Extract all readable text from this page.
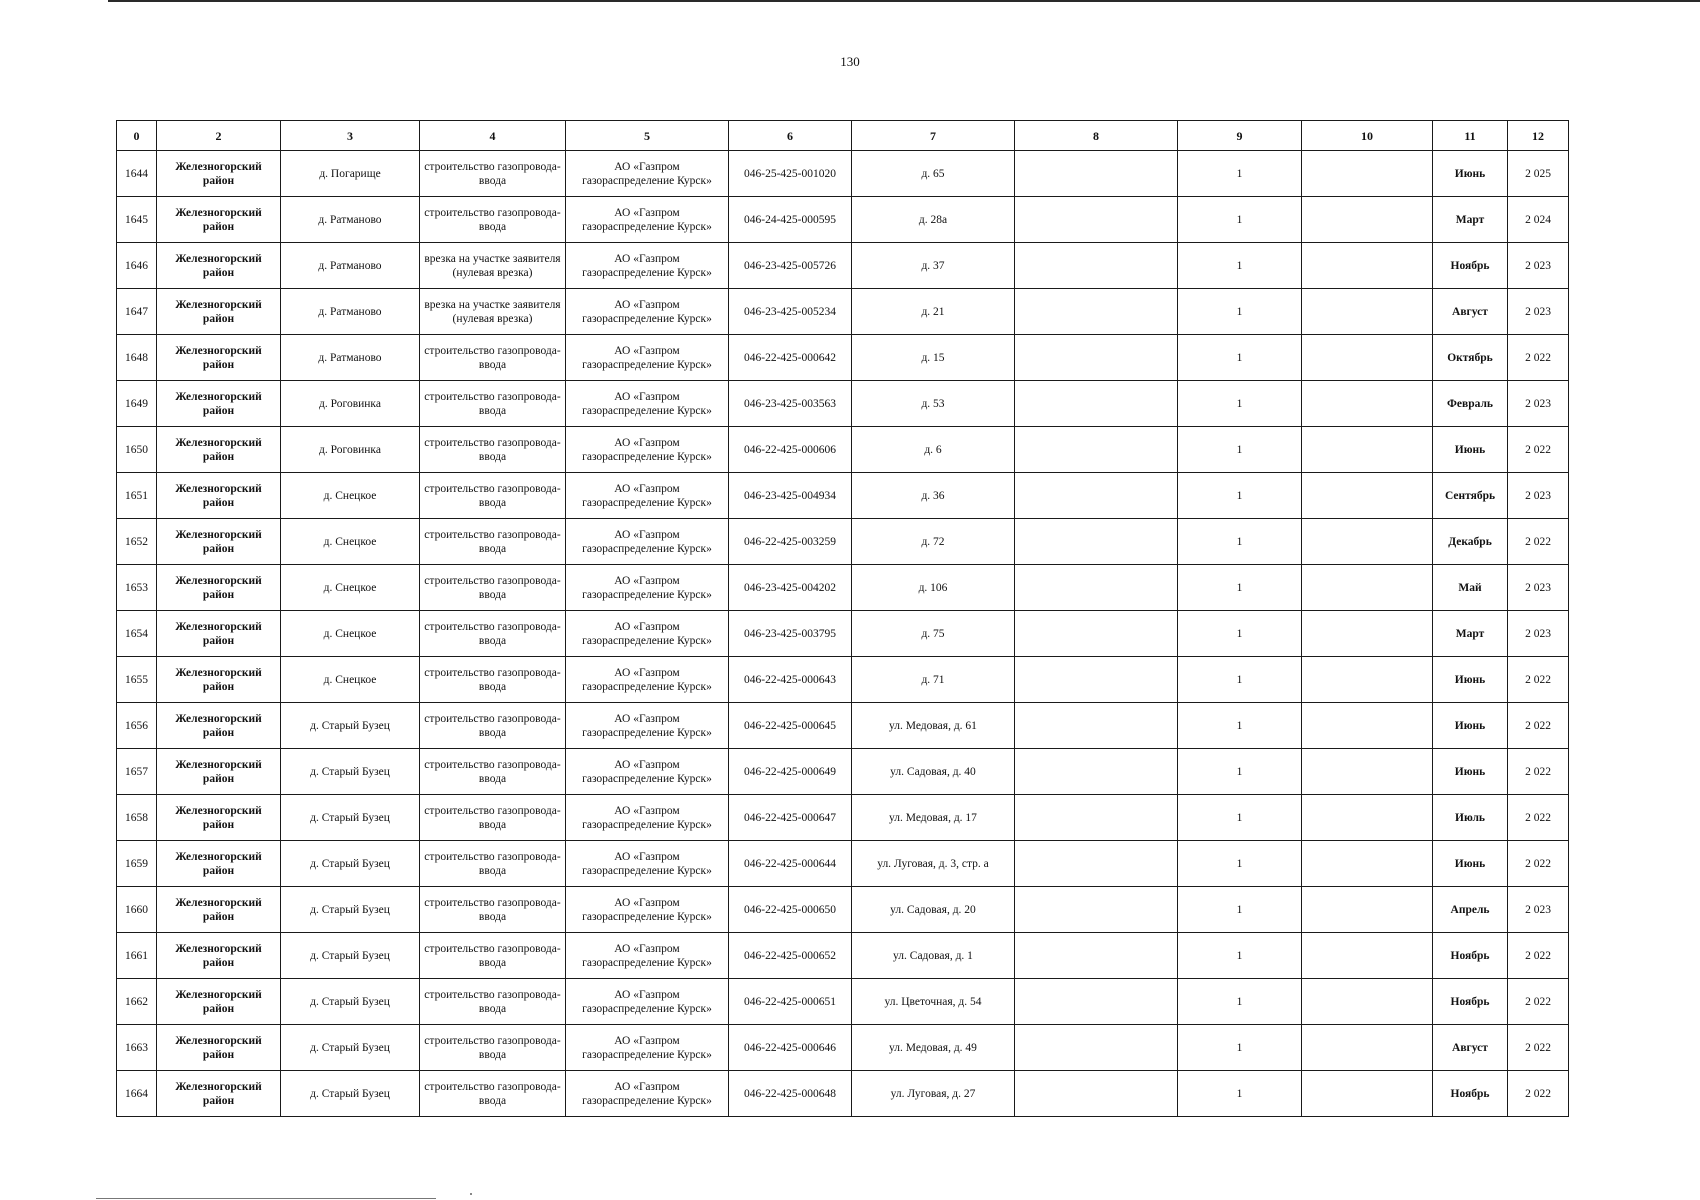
130
0	2	3	4	5	6	7	8	9	10	11	12
1644	Железногорский район	д. Погарище	строительство газопровода-ввода	АО «Газпром газораспределение Курск»	046-25-425-001020	д. 65		1		Июнь	2 025
1645	Железногорский район	д. Ратманово	строительство газопровода-ввода	АО «Газпром газораспределение Курск»	046-24-425-000595	д. 28а		1		Март	2 024
1646	Железногорский район	д. Ратманово	врезка на участке заявителя (нулевая врезка)	АО «Газпром газораспределение Курск»	046-23-425-005726	д. 37		1		Ноябрь	2 023
1647	Железногорский район	д. Ратманово	врезка на участке заявителя (нулевая врезка)	АО «Газпром газораспределение Курск»	046-23-425-005234	д. 21		1		Август	2 023
1648	Железногорский район	д. Ратманово	строительство газопровода-ввода	АО «Газпром газораспределение Курск»	046-22-425-000642	д. 15		1		Октябрь	2 022
1649	Железногорский район	д. Роговинка	строительство газопровода-ввода	АО «Газпром газораспределение Курск»	046-23-425-003563	д. 53		1		Февраль	2 023
1650	Железногорский район	д. Роговинка	строительство газопровода-ввода	АО «Газпром газораспределение Курск»	046-22-425-000606	д. 6		1		Июнь	2 022
1651	Железногорский район	д. Снецкое	строительство газопровода-ввода	АО «Газпром газораспределение Курск»	046-23-425-004934	д. 36		1		Сентябрь	2 023
1652	Железногорский район	д. Снецкое	строительство газопровода-ввода	АО «Газпром газораспределение Курск»	046-22-425-003259	д. 72		1		Декабрь	2 022
1653	Железногорский район	д. Снецкое	строительство газопровода-ввода	АО «Газпром газораспределение Курск»	046-23-425-004202	д. 106		1		Май	2 023
1654	Железногорский район	д. Снецкое	строительство газопровода-ввода	АО «Газпром газораспределение Курск»	046-23-425-003795	д. 75		1		Март	2 023
1655	Железногорский район	д. Снецкое	строительство газопровода-ввода	АО «Газпром газораспределение Курск»	046-22-425-000643	д. 71		1		Июнь	2 022
1656	Железногорский район	д. Старый Бузец	строительство газопровода-ввода	АО «Газпром газораспределение Курск»	046-22-425-000645	ул. Медовая, д. 61		1		Июнь	2 022
1657	Железногорский район	д. Старый Бузец	строительство газопровода-ввода	АО «Газпром газораспределение Курск»	046-22-425-000649	ул. Садовая, д. 40		1		Июнь	2 022
1658	Железногорский район	д. Старый Бузец	строительство газопровода-ввода	АО «Газпром газораспределение Курск»	046-22-425-000647	ул. Медовая, д. 17		1		Июль	2 022
1659	Железногорский район	д. Старый Бузец	строительство газопровода-ввода	АО «Газпром газораспределение Курск»	046-22-425-000644	ул. Луговая, д. 3, стр. а		1		Июнь	2 022
1660	Железногорский район	д. Старый Бузец	строительство газопровода-ввода	АО «Газпром газораспределение Курск»	046-22-425-000650	ул. Садовая, д. 20		1		Апрель	2 023
1661	Железногорский район	д. Старый Бузец	строительство газопровода-ввода	АО «Газпром газораспределение Курск»	046-22-425-000652	ул. Садовая, д. 1		1		Ноябрь	2 022
1662	Железногорский район	д. Старый Бузец	строительство газопровода-ввода	АО «Газпром газораспределение Курск»	046-22-425-000651	ул. Цветочная, д. 54		1		Ноябрь	2 022
1663	Железногорский район	д. Старый Бузец	строительство газопровода-ввода	АО «Газпром газораспределение Курск»	046-22-425-000646	ул. Медовая, д. 49		1		Август	2 022
1664	Железногорский район	д. Старый Бузец	строительство газопровода-ввода	АО «Газпром газораспределение Курск»	046-22-425-000648	ул. Луговая, д. 27		1		Ноябрь	2 022
